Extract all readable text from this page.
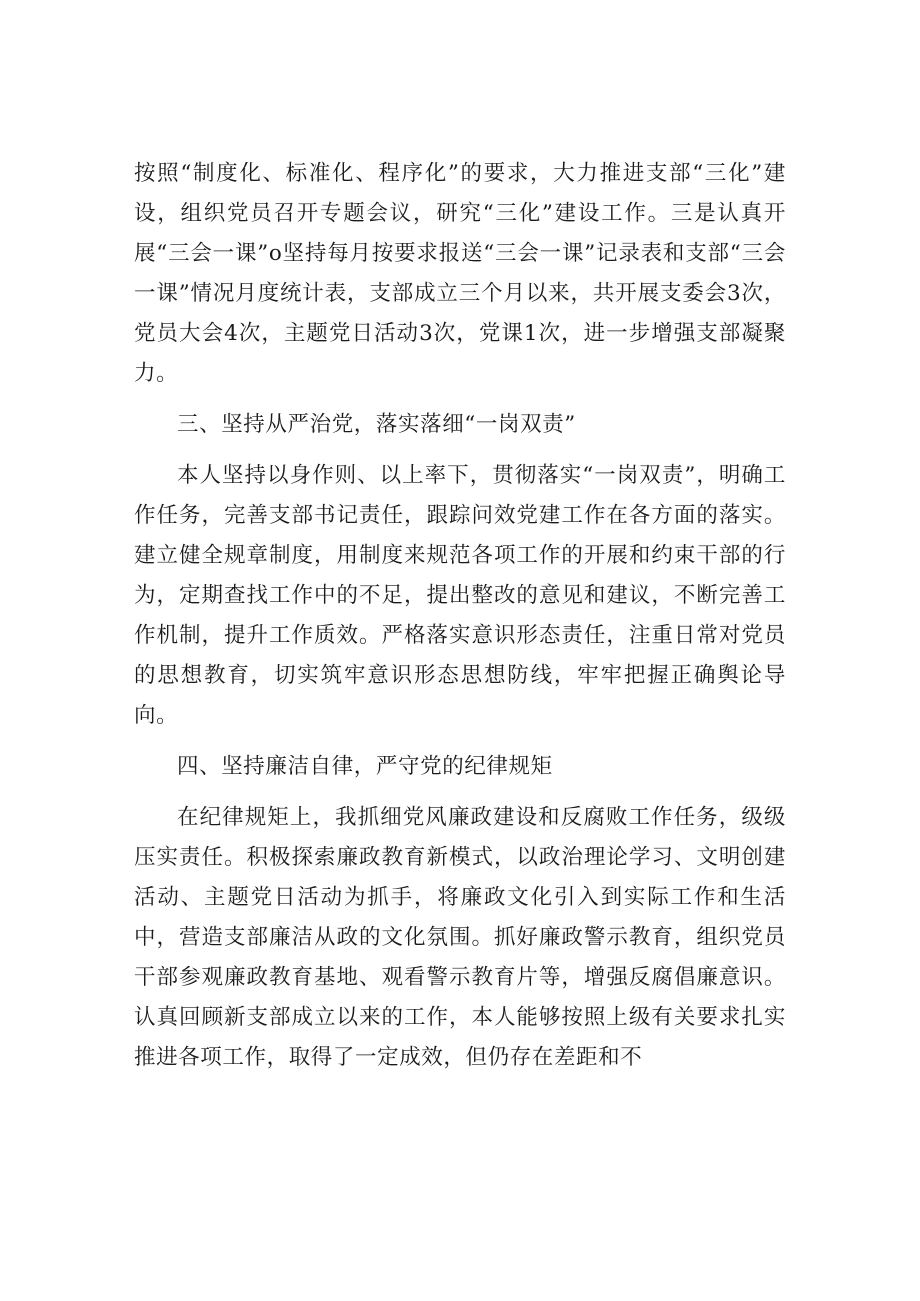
按照“制度化、标准化、程序化”的要求，大力推进支部“三化”建设，组织党员召开专题会议，研究“三化”建设工作。三是认真开展“三会一课”o坚持每月按要求报送“三会一课”记录表和支部“三会一课”情况月度统计表，支部成立三个月以来，共开展支委会3次，党员大会4次，主题党日活动3次，党课1次，进一步增强支部凝聚力。

三、坚持从严治党，落实落细“一岗双责”

本人坚持以身作则、以上率下，贯彻落实“一岗双责”，明确工作任务，完善支部书记责任，跟踪问效党建工作在各方面的落实。建立健全规章制度，用制度来规范各项工作的开展和约束干部的行为，定期查找工作中的不足，提出整改的意见和建议，不断完善工作机制，提升工作质效。严格落实意识形态责任，注重日常对党员的思想教育，切实筑牢意识形态思想防线，牢牢把握正确舆论导向。

四、坚持廉洁自律，严守党的纪律规矩

在纪律规矩上，我抓细党风廉政建设和反腐败工作任务，级级压实责任。积极探索廉政教育新模式，以政治理论学习、文明创建活动、主题党日活动为抓手，将廉政文化引入到实际工作和生活中，营造支部廉洁从政的文化氛围。抓好廉政警示教育，组织党员干部参观廉政教育基地、观看警示教育片等，增强反腐倡廉意识。认真回顾新支部成立以来的工作，本人能够按照上级有关要求扎实推进各项工作，取得了一定成效，但仍存在差距和不
